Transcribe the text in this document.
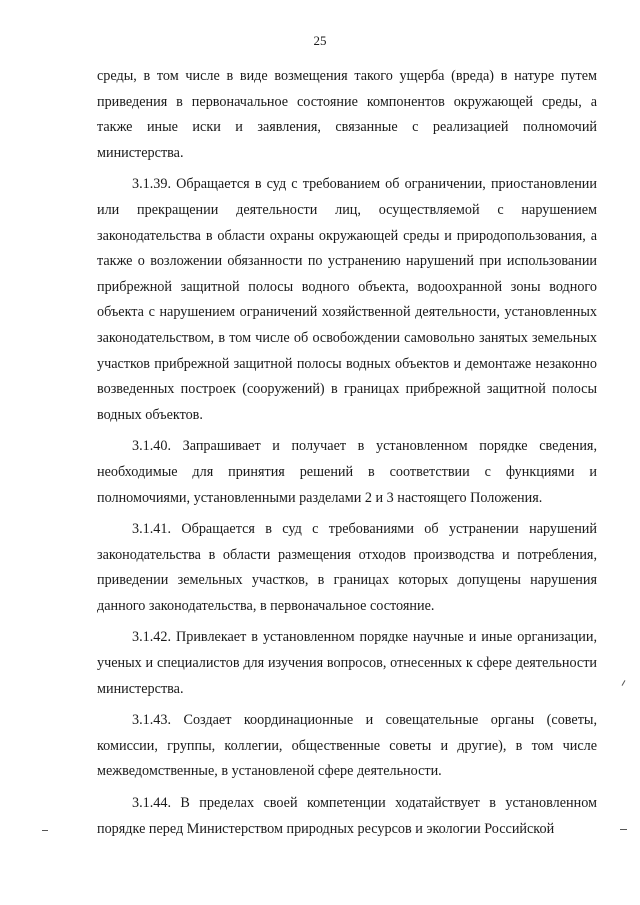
25

среды, в том числе в виде возмещения такого ущерба (вреда) в натуре путем приведения в первоначальное состояние компонентов окружающей среды, а также иные иски и заявления, связанные с реализацией полномочий министерства.

3.1.39. Обращается в суд с требованием об ограничении, приостановлении или прекращении деятельности лиц, осуществляемой с нарушением законодательства в области охраны окружающей среды и природопользования, а также о возложении обязанности по устранению нарушений при использовании прибрежной защитной полосы водного объекта, водоохранной зоны водного объекта с нарушением ограничений хозяйственной деятельности, установленных законодательством, в том числе об освобождении самовольно занятых земельных участков прибрежной защитной полосы водных объектов и демонтаже незаконно возведенных построек (сооружений) в границах прибрежной защитной полосы водных объектов.

3.1.40. Запрашивает и получает в установленном порядке сведения, необходимые для принятия решений в соответствии с функциями и полномочиями, установленными разделами 2 и 3 настоящего Положения.

3.1.41. Обращается в суд с требованиями об устранении нарушений законодательства в области размещения отходов производства и потребления, приведении земельных участков, в границах которых допущены нарушения данного законодательства, в первоначальное состояние.

3.1.42. Привлекает в установленном порядке научные и иные организации, ученых и специалистов для изучения вопросов, отнесенных к сфере деятельности министерства.

3.1.43. Создает координационные и совещательные органы (советы, комиссии, группы, коллегии, общественные советы и другие), в том числе межведомственные, в установленой сфере деятельности.

3.1.44. В пределах своей компетенции ходатайствует в установленном порядке перед Министерством природных ресурсов и экологии Российской
